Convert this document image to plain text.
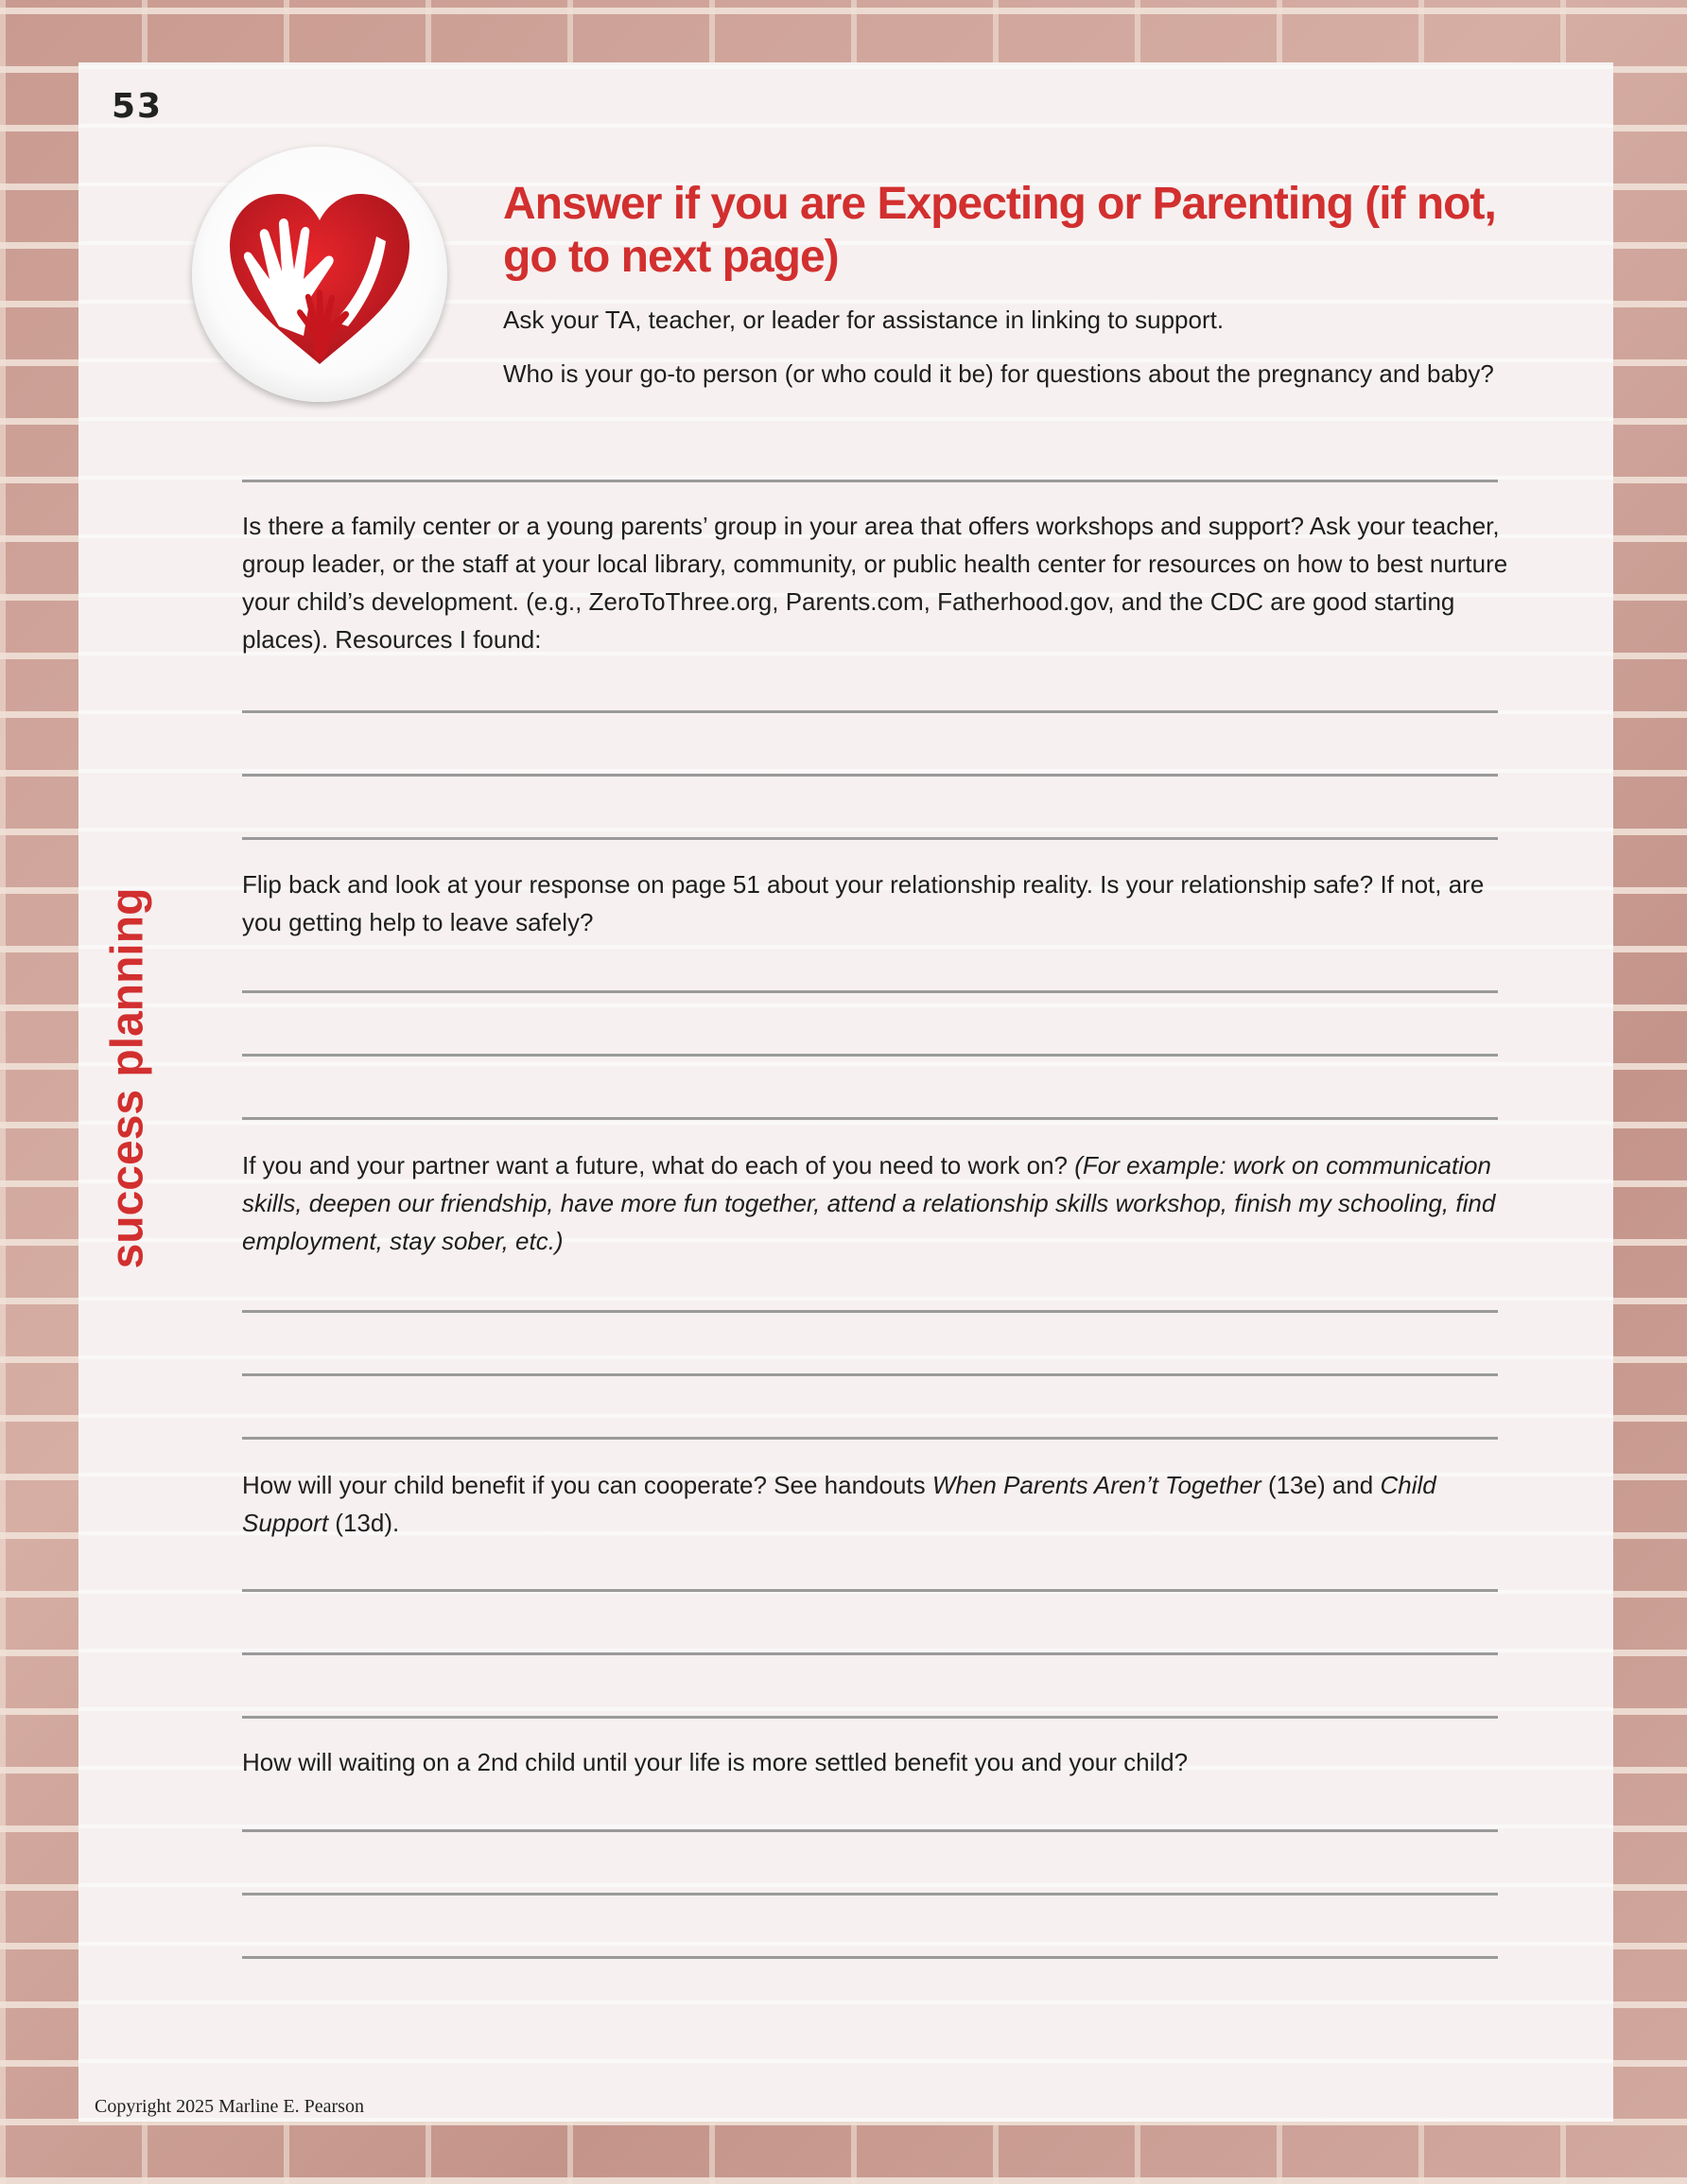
53
Answer if you are Expecting or Parenting (if not, go to next page)
Ask your TA, teacher, or leader for assistance in linking to support.
Who is your go-to person (or who could it be) for questions about the pregnancy and baby?
Is there a family center or a young parents’ group in your area that offers workshops and support? Ask your teacher, group leader, or the staff at your local library, community, or public health center for resources on how to best nurture your child’s development. (e.g., ZeroToThree.org, Parents.com, Fatherhood.gov, and the CDC are good starting places). Resources I found:
Flip back and look at your response on page 51 about your relationship reality. Is your relationship safe? If not, are you getting help to leave safely?
If you and your partner want a future, what do each of you need to work on? (For example: work on communication skills, deepen our friendship, have more fun together, attend a relationship skills workshop, finish my schooling, find employment, stay sober, etc.)
How will your child benefit if you can cooperate? See handouts When Parents Aren’t Together (13e) and Child Support (13d).
How will waiting on a 2nd child until your life is more settled benefit you and your child?
success planning
Copyright 2025 Marline E. Pearson
